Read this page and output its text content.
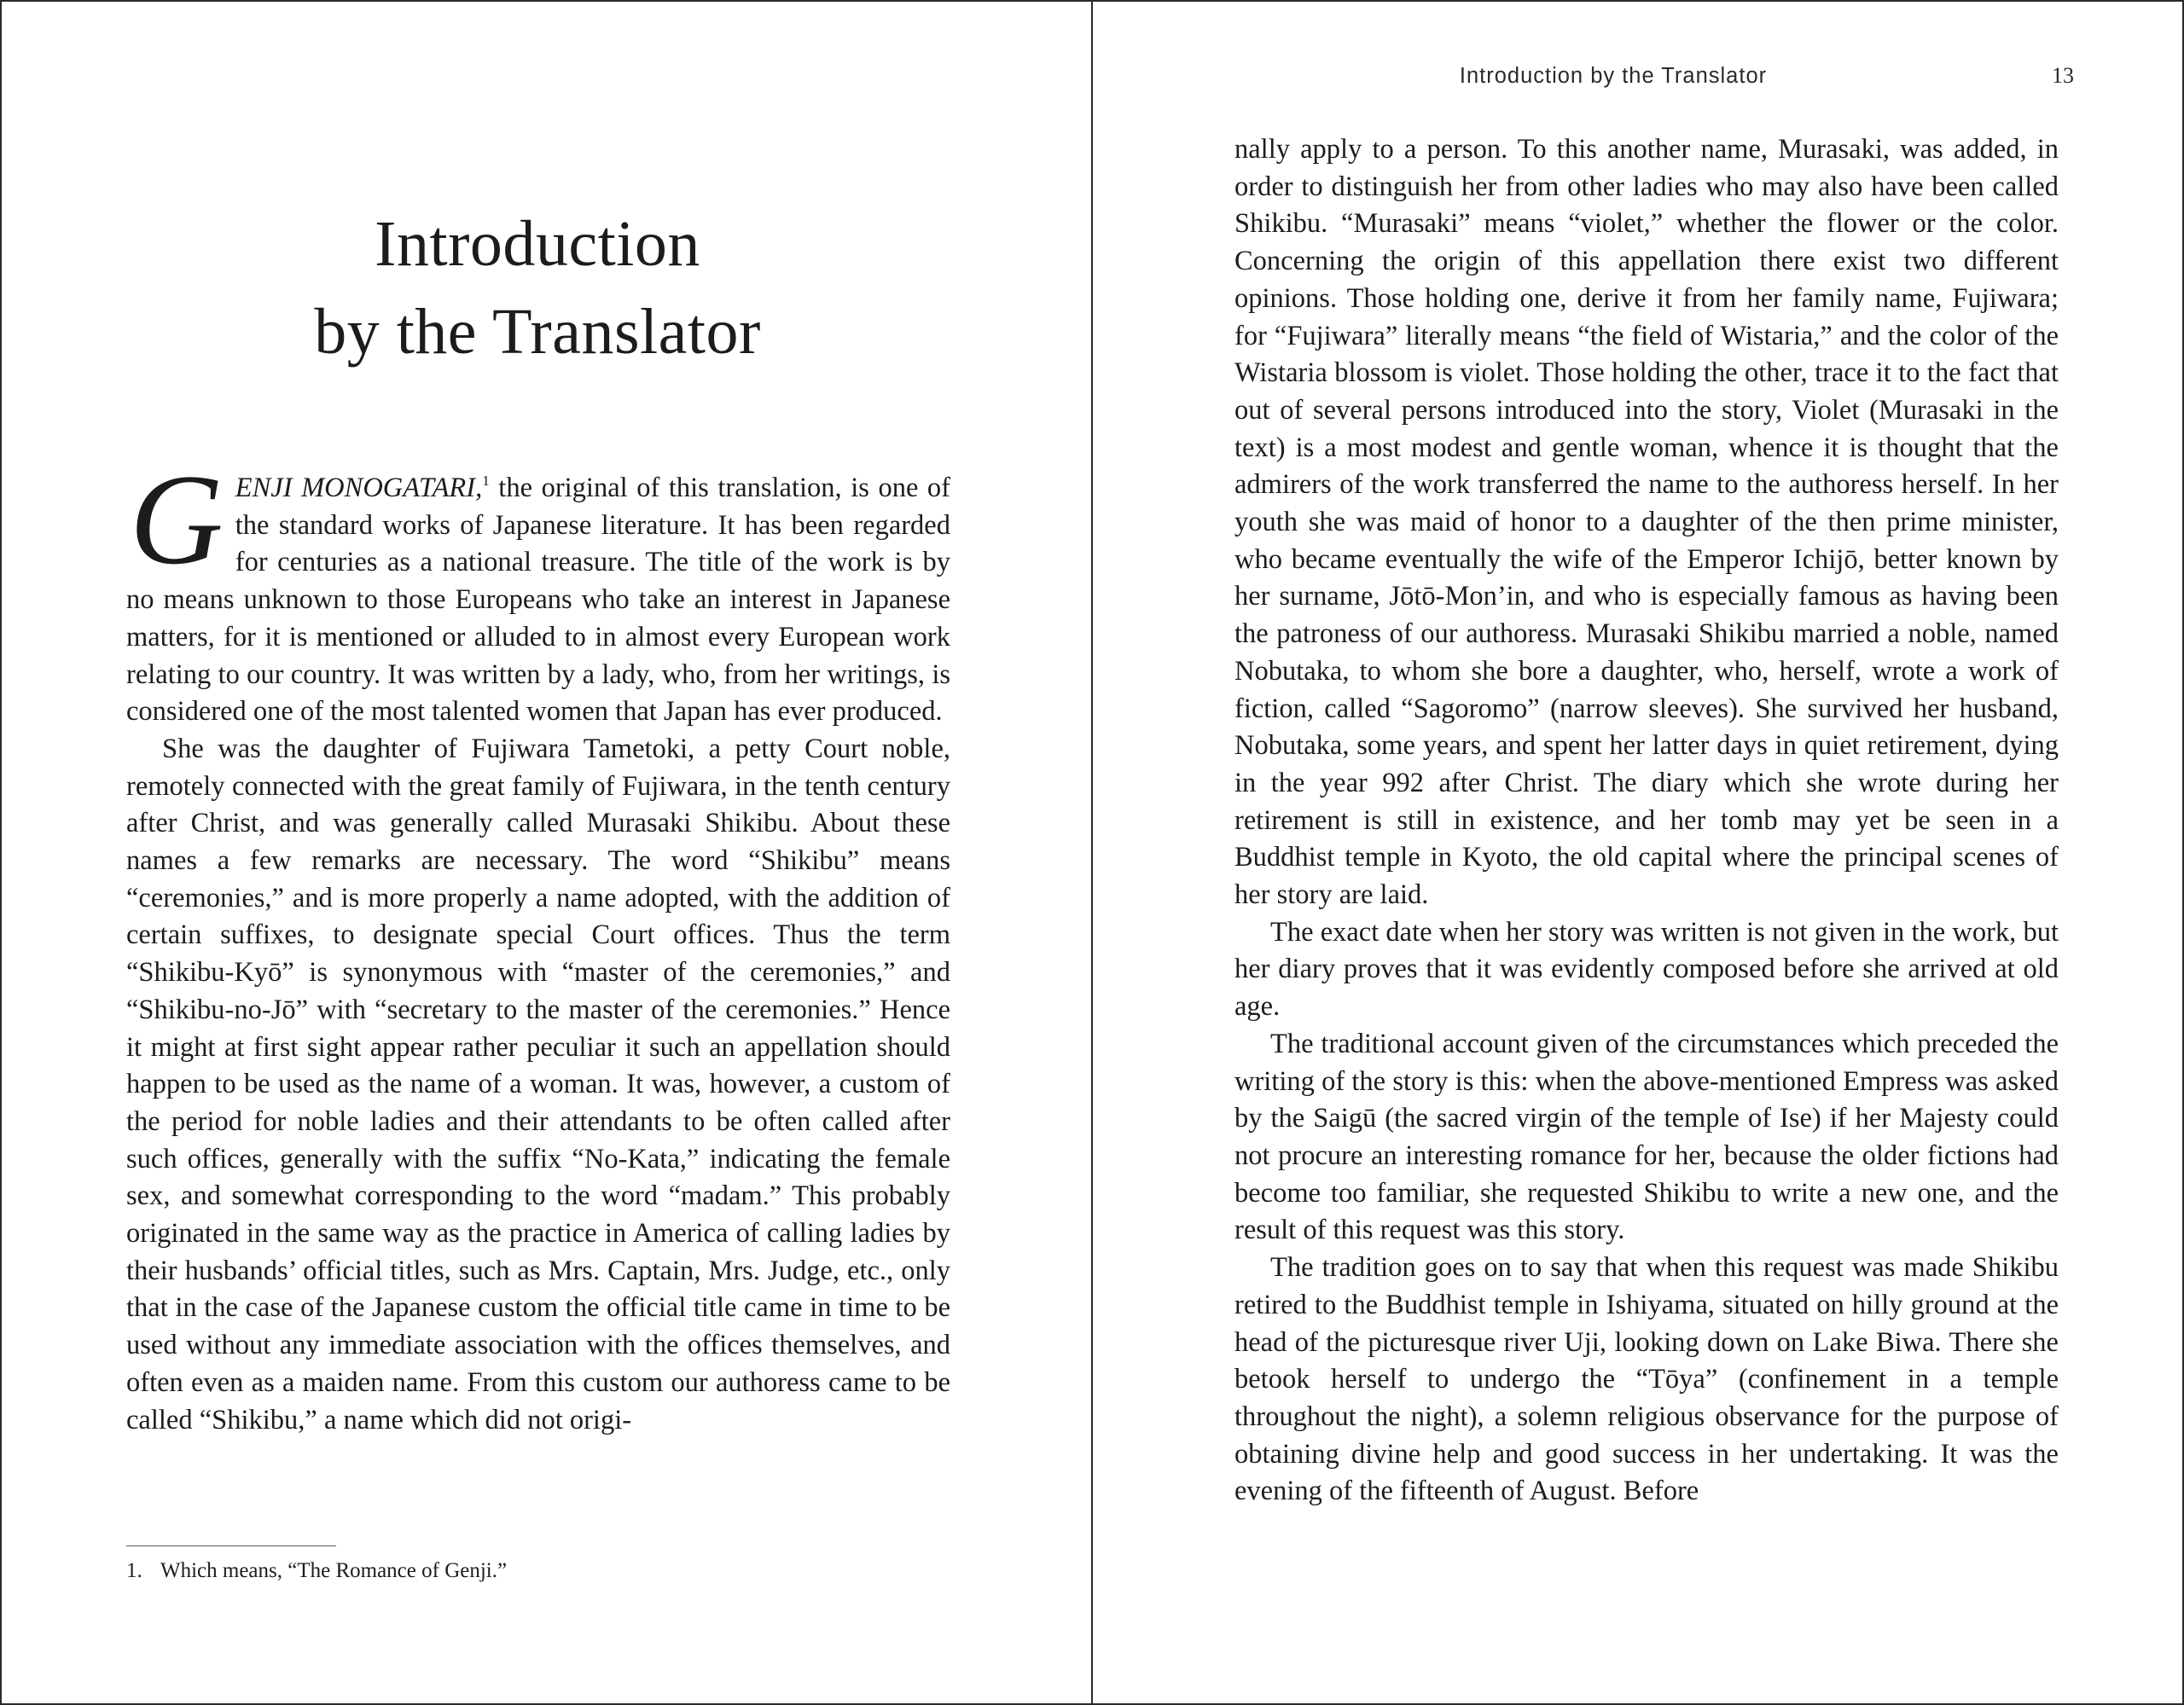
Introduction
by the Translator

GENJI MONOGATARI,$^1$ the original of this translation, is one of the standard works of Japanese literature. It has been regarded for centuries as a national treasure. The title of the work is by no means unknown to those Europeans who take an interest in Japanese matters, for it is mentioned or alluded to in almost every European work relating to our country. It was written by a lady, who, from her writings, is considered one of the most talented women that Japan has ever produced.

She was the daughter of Fujiwara Tametoki, a petty Court noble, remotely connected with the great family of Fujiwara, in the tenth century after Christ, and was generally called Murasaki Shikibu. About these names a few remarks are necessary. The word “Shikibu” means “ceremonies,” and is more properly a name adopted, with the addition of certain suffixes, to designate special Court offices. Thus the term “Shikibu-Kyō” is synonymous with “master of the ceremonies,” and “Shikibu-no-Jō” with “secretary to the master of the ceremonies.” Hence it might at first sight appear rather peculiar it such an appellation should happen to be used as the name of a woman. It was, however, a custom of the period for noble ladies and their attendants to be often called after such offices, generally with the suffix “No-Kata,” indicating the female sex, and somewhat corresponding to the word “madam.” This probably originated in the same way as the practice in America of calling ladies by their husbands’ official titles, such as Mrs. Captain, Mrs. Judge, etc., only that in the case of the Japanese custom the official title came in time to be used without any immediate association with the offices themselves, and often even as a maiden name. From this custom our authoress came to be called “Shikibu,” a name which did not origi-

1. Which means, “The Romance of Genji.”
Introduction by the Translator	13

nally apply to a person. To this another name, Murasaki, was added, in order to distinguish her from other ladies who may also have been called Shikibu. “Murasaki” means “violet,” whether the flower or the color. Concerning the origin of this appellation there exist two different opinions. Those holding one, derive it from her family name, Fujiwara; for “Fujiwara” literally means “the field of Wistaria,” and the color of the Wistaria blossom is violet. Those holding the other, trace it to the fact that out of several persons introduced into the story, Violet (Murasaki in the text) is a most modest and gentle woman, whence it is thought that the admirers of the work transferred the name to the authoress herself. In her youth she was maid of honor to a daughter of the then prime minister, who became eventually the wife of the Emperor Ichijō, better known by her surname, Jōtō-Mon’in, and who is especially famous as having been the patroness of our authoress. Murasaki Shikibu married a noble, named Nobutaka, to whom she bore a daughter, who, herself, wrote a work of fiction, called “Sagoromo” (narrow sleeves). She survived her husband, Nobutaka, some years, and spent her latter days in quiet retirement, dying in the year 992 after Christ. The diary which she wrote during her retirement is still in existence, and her tomb may yet be seen in a Buddhist temple in Kyoto, the old capital where the principal scenes of her story are laid.

The exact date when her story was written is not given in the work, but her diary proves that it was evidently composed before she arrived at old age.

The traditional account given of the circumstances which preceded the writing of the story is this: when the above-mentioned Empress was asked by the Saigū (the sacred virgin of the temple of Ise) if her Majesty could not procure an interesting romance for her, because the older fictions had become too familiar, she requested Shikibu to write a new one, and the result of this request was this story.

The tradition goes on to say that when this request was made Shikibu retired to the Buddhist temple in Ishiyama, situated on hilly ground at the head of the picturesque river Uji, looking down on Lake Biwa. There she betook herself to undergo the “Tōya” (confinement in a temple throughout the night), a solemn religious observance for the purpose of obtaining divine help and good success in her undertaking. It was the evening of the fifteenth of August. Before
